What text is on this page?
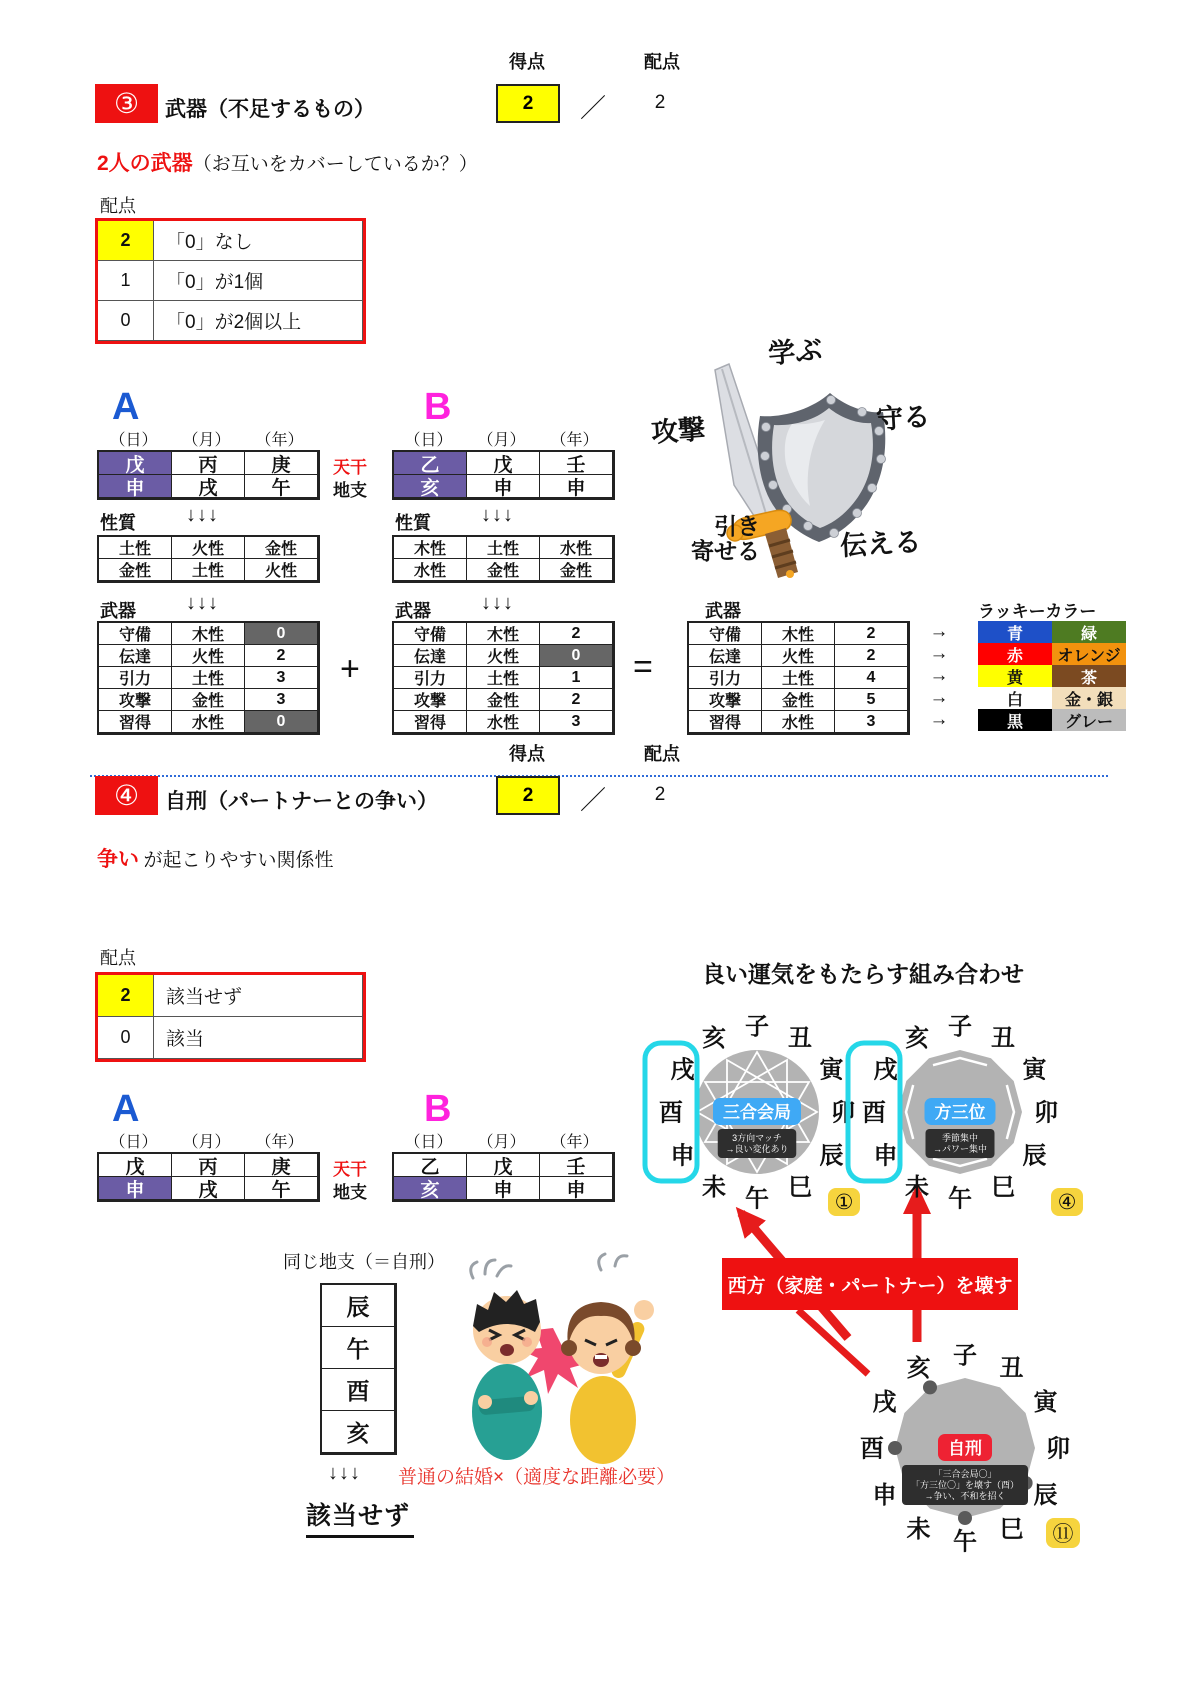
得点	配点
③	武器（不足するもの）	2	／	2
2人の武器（お互いをカバーしているか？）
配点
2	「0」なし
1	「0」が1個
0	「0」が2個以上
A
（日）	（月）	（年）
戊	丙	庚
申	戌	午
天干
地支
B
（日）	（月）	（年）
乙	戊	壬
亥	申	申
性質	↓↓↓
土性	火性	金性
金性	土性	火性
性質	↓↓↓
木性	土性	水性
水性	金性	金性
武器	↓↓↓
守備	木性	0
伝達	火性	2
引力	土性	3
攻撃	金性	3
習得	水性	0
+
武器	↓↓↓
守備	木性	2
伝達	火性	0
引力	土性	1
攻撃	金性	2
習得	水性	3
=
武器
守備	木性	2
伝達	火性	2
引力	土性	4
攻撃	金性	5
習得	水性	3
→
→
→
→
→
ラッキーカラー
青	緑
赤	オレンジ
黄	茶
白	金・銀
黒	グレー
学ぶ
攻撃	守る
引き
寄せる	伝える
得点	配点
④	自刑（パートナーとの争い）	2	／	2
争い が起こりやすい関係性
配点
2	該当せず
0	該当
A
（日）	（月）	（年）
戊	丙	庚
申	戌	午
天干
地支
B
（日）	（月）	（年）
乙	戊	壬
亥	申	申
同じ地支（＝自刑）
辰
午
酉
亥
↓↓↓ 普通の結婚×（適度な距離必要）
該当せず
良い運気をもたらす組み合わせ
子 丑
寅
卯
辰
巳
午
未
申
酉
戌
亥
三合会局
3方向マッチ
→良い変化あり
子 丑
寅
卯
辰
巳
午
未
申
酉
戌
亥
方三位
季節集中
→パワー集中
①	④
西方（家庭・パートナー）を壊す
子 丑
寅
卯
辰
巳
午
未
申
酉
戌
亥
自刑
「三合会局〇」
「方三位〇」を壊す（酉）
→争い、不和を招く
⑪
